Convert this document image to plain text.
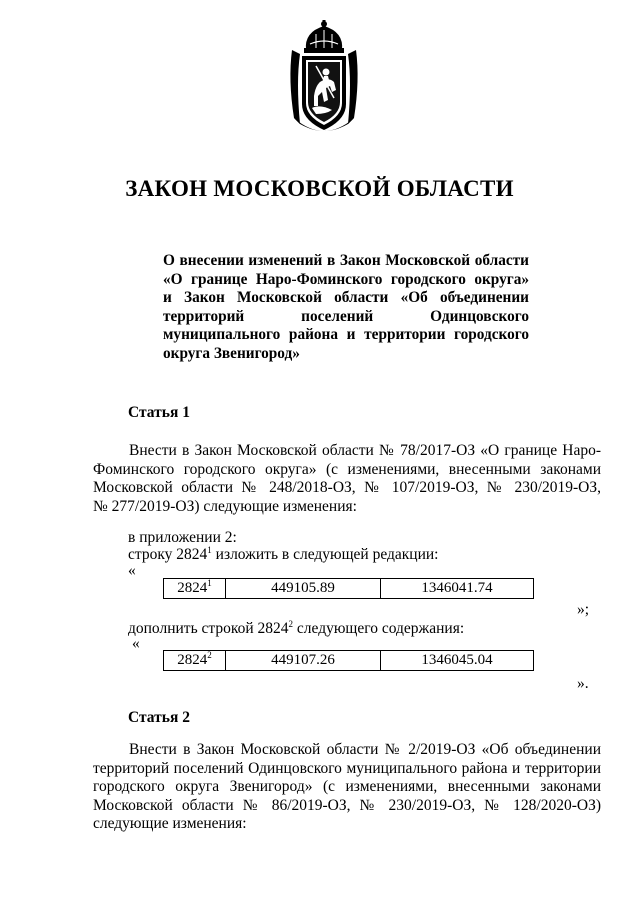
ЗАКОН МОСКОВСКОЙ ОБЛАСТИ
О внесении изменений в Закон Московской области
«О границе Наро-Фоминского городского округа»
и Закон Московской области «Об объединении
территорий поселений Одинцовского
муниципального района и территории городского
округа Звенигород»
Статья 1
Внести в Закон Московской области № 78/2017-ОЗ «О границе Наро-
Фоминского городского округа» (с изменениями, внесенными законами
Московской области № 248/2018-ОЗ, № 107/2019-ОЗ, № 230/2019-ОЗ,
№ 277/2019-ОЗ) следующие изменения:
в приложении 2:
строку 2824$^1$ изложить в следующей редакции:
«
2824$^1$	449105.89	1346041.74
»;
дополнить строкой 2824$^2$ следующего содержания:
«
2824$^2$	449107.26	1346045.04
».
Статья 2
Внести в Закон Московской области № 2/2019-ОЗ «Об объединении
территорий поселений Одинцовского муниципального района и территории
городского округа Звенигород» (с изменениями, внесенными законами
Московской области № 86/2019-ОЗ, № 230/2019-ОЗ, № 128/2020-ОЗ)
следующие изменения:
